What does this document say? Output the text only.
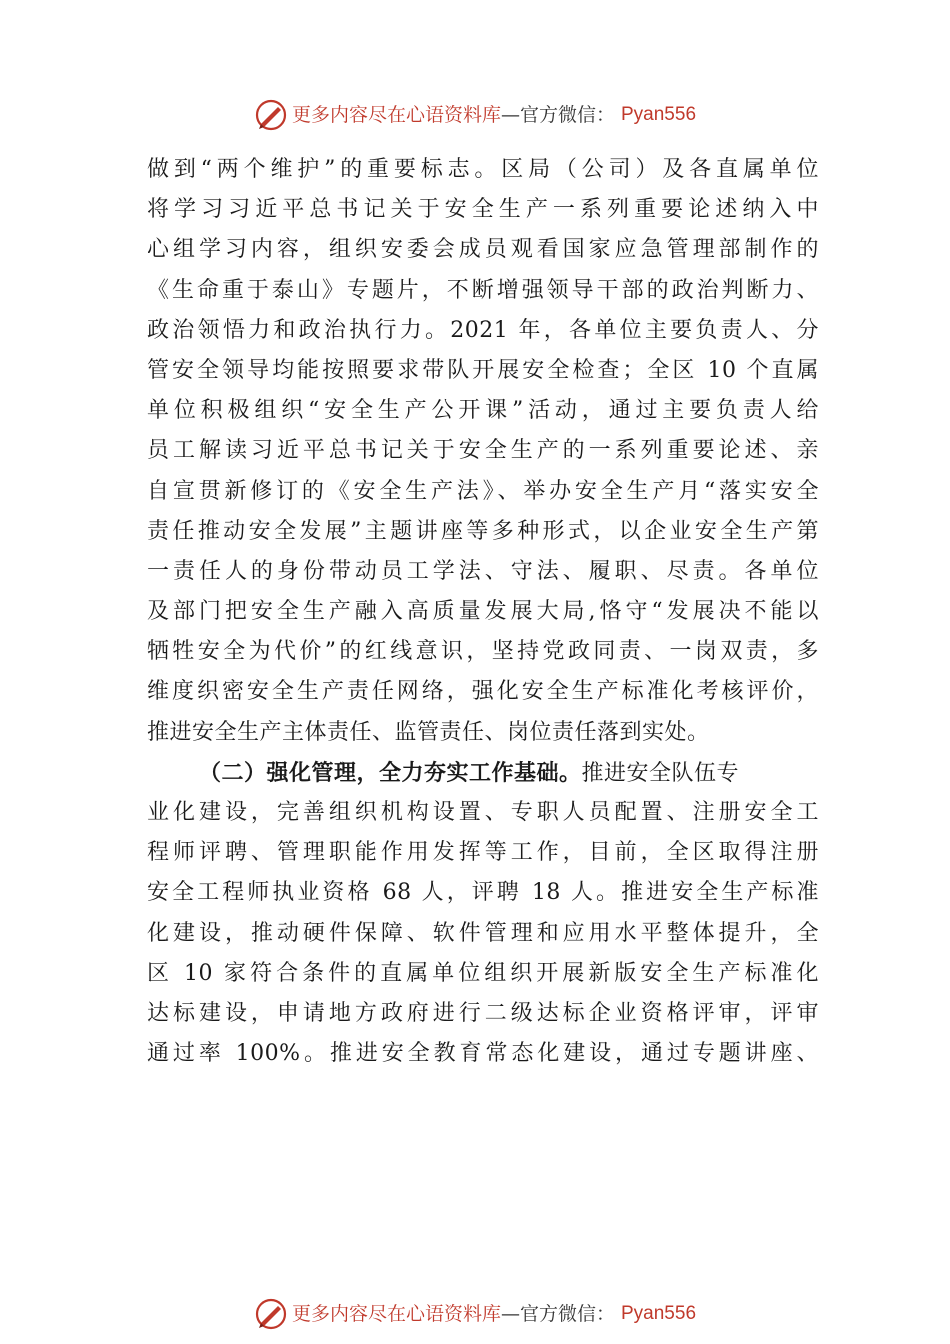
更多内容尽在心语资料库 —官方微信： Pyan556
做到“两个维护”的重要标志。区局（公司）及各直属单位
将学习习近平总书记关于安全生产一系列重要论述纳入中
心组学习内容，组织安委会成员观看国家应急管理部制作的
《生命重于泰山》专题片，不断增强领导干部的政治判断力、
政治领悟力和政治执行力。2021 年，各单位主要负责人、分
管安全领导均能按照要求带队开展安全检查；全区 10 个直属
单位积极组织“安全生产公开课”活动，通过主要负责人给
员工解读习近平总书记关于安全生产的一系列重要论述、亲
自宣贯新修订的《安全生产法》、举办安全生产月“落实安全
责任推动安全发展”主题讲座等多种形式，以企业安全生产第
一责任人的身份带动员工学法、守法、履职、尽责。各单位
及部门把安全生产融入高质量发展大局,恪守“发展决不能以
牺牲安全为代价”的红线意识，坚持党政同责、一岗双责，多
维度织密安全生产责任网络，强化安全生产标准化考核评价，
推进安全生产主体责任、监管责任、岗位责任落到实处。
（二）强化管理，全力夯实工作基础。推进安全队伍专
业化建设，完善组织机构设置、专职人员配置、注册安全工
程师评聘、管理职能作用发挥等工作，目前，全区取得注册
安全工程师执业资格 68 人，评聘 18 人。推进安全生产标准
化建设，推动硬件保障、软件管理和应用水平整体提升，全
区 10 家符合条件的直属单位组织开展新版安全生产标准化
达标建设，申请地方政府进行二级达标企业资格评审，评审
通过率 100%。推进安全教育常态化建设，通过专题讲座、
更多内容尽在心语资料库 —官方微信： Pyan556
